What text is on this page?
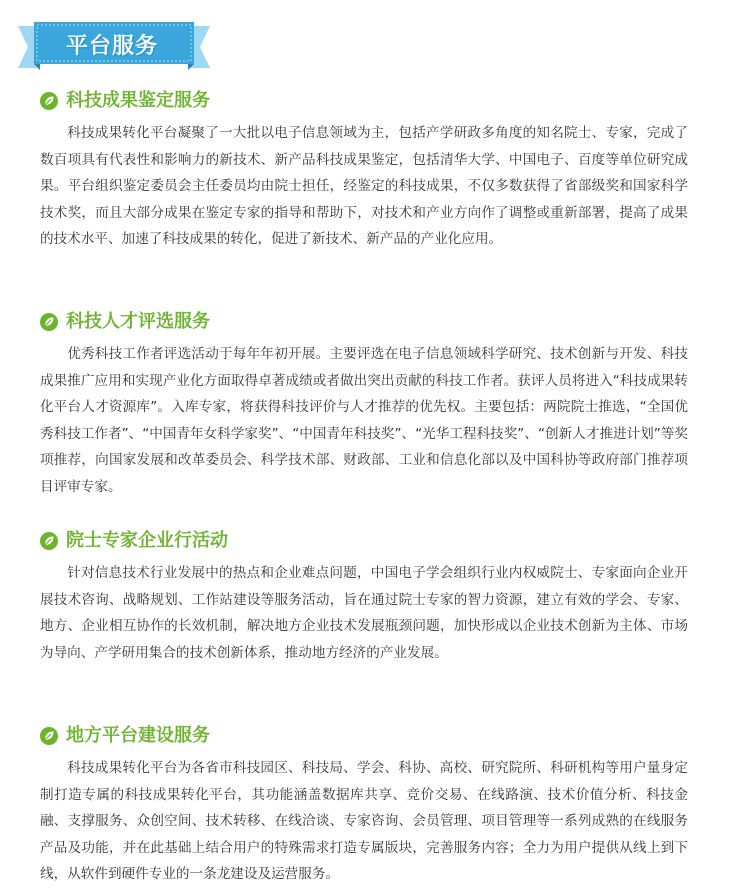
平台服务
科技成果鉴定服务

科技成果转化平台凝聚了一大批以电子信息领域为主，包括产学研政多角度的知名院士、专家，完成了数百项具有代表性和影响力的新技术、新产品科技成果鉴定，包括清华大学、中国电子、百度等单位研究成果。平台组织鉴定委员会主任委员均由院士担任，经鉴定的科技成果，不仅多数获得了省部级奖和国家科学技术奖，而且大部分成果在鉴定专家的指导和帮助下，对技术和产业方向作了调整或重新部署，提高了成果的技术水平、加速了科技成果的转化，促进了新技术、新产品的产业化应用。

科技人才评选服务

优秀科技工作者评选活动于每年年初开展。主要评选在电子信息领域科学研究、技术创新与开发、科技成果推广应用和实现产业化方面取得卓著成绩或者做出突出贡献的科技工作者。获评人员将进入“科技成果转化平台人才资源库”。入库专家，将获得科技评价与人才推荐的优先权。主要包括：两院院士推选，“全国优秀科技工作者”、“中国青年女科学家奖”、“中国青年科技奖”、“光华工程科技奖”、“创新人才推进计划”等奖项推荐，向国家发展和改革委员会、科学技术部、财政部、工业和信息化部以及中国科协等政府部门推荐项目评审专家。

院士专家企业行活动

针对信息技术行业发展中的热点和企业难点问题，中国电子学会组织行业内权威院士、专家面向企业开展技术咨询、战略规划、工作站建设等服务活动，旨在通过院士专家的智力资源，建立有效的学会、专家、地方、企业相互协作的长效机制，解决地方企业技术发展瓶颈问题，加快形成以企业技术创新为主体、市场为导向、产学研用集合的技术创新体系，推动地方经济的产业发展。

地方平台建设服务

科技成果转化平台为各省市科技园区、科技局、学会、科协、高校、研究院所、科研机构等用户量身定制打造专属的科技成果转化平台，其功能涵盖数据库共享、竞价交易、在线路演、技术价值分析、科技金融、支撑服务、众创空间、技术转移、在线洽谈、专家咨询、会员管理、项目管理等一系列成熟的在线服务产品及功能，并在此基础上结合用户的特殊需求打造专属版块，完善服务内容；全力为用户提供从线上到下线，从软件到硬件专业的一条龙建设及运营服务。
